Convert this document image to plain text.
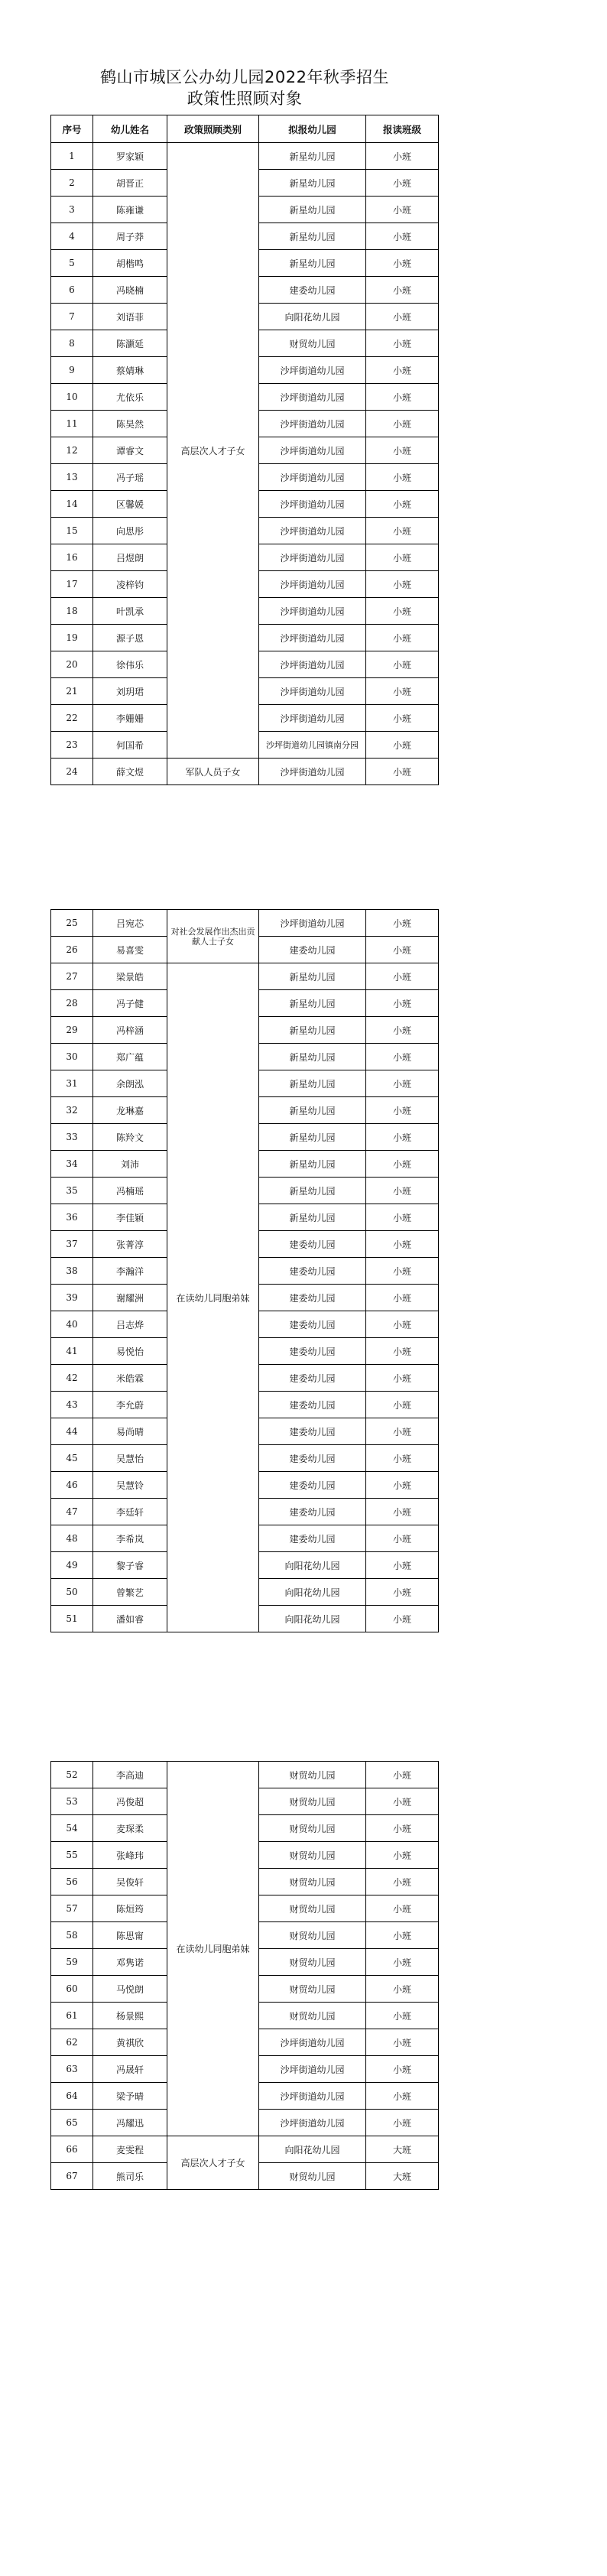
鹤山市城区公办幼儿园2022年秋季招生
政策性照顾对象
序号	幼儿姓名	政策照顾类别	拟报幼儿园	报读班级
1	罗家颖	高层次人才子女	新星幼儿园	小班
2	胡晋正		新星幼儿园	小班
3	陈雍谦		新星幼儿园	小班
4	周子莽		新星幼儿园	小班
5	胡楷鸣		新星幼儿园	小班
6	冯晓楠		建委幼儿园	小班
7	刘语菲		向阳花幼儿园	小班
8	陈灏延		财贸幼儿园	小班
9	蔡婧琳		沙坪街道幼儿园	小班
10	尤依乐		沙坪街道幼儿园	小班
11	陈昊然		沙坪街道幼儿园	小班
12	谭睿文		沙坪街道幼儿园	小班
13	冯子瑶		沙坪街道幼儿园	小班
14	区馨媛		沙坪街道幼儿园	小班
15	向思彤		沙坪街道幼儿园	小班
16	吕煜朗		沙坪街道幼儿园	小班
17	凌梓钧		沙坪街道幼儿园	小班
18	叶凯承		沙坪街道幼儿园	小班
19	源子恩		沙坪街道幼儿园	小班
20	徐伟乐		沙坪街道幼儿园	小班
21	刘玥珺		沙坪街道幼儿园	小班
22	李姗姗		沙坪街道幼儿园	小班
23	何国希		沙坪街道幼儿园镇南分园	小班
24	薛文煜	军队人员子女	沙坪街道幼儿园	小班
25	吕宛芯	对社会发展作出杰出贡献人士子女	沙坪街道幼儿园	小班
26	易喜雯		建委幼儿园	小班
27	梁景皓	在读幼儿同胞弟妹	新星幼儿园	小班
28	冯子健		新星幼儿园	小班
29	冯梓涵		新星幼儿园	小班
30	郑广蕴		新星幼儿园	小班
31	余朗泓		新星幼儿园	小班
32	龙琳嘉		新星幼儿园	小班
33	陈羚文		新星幼儿园	小班
34	刘沛		新星幼儿园	小班
35	冯楠瑶		新星幼儿园	小班
36	李佳颖		新星幼儿园	小班
37	张菁淳		建委幼儿园	小班
38	李瀚洋		建委幼儿园	小班
39	谢耀洲		建委幼儿园	小班
40	吕志烨		建委幼儿园	小班
41	易悦怡		建委幼儿园	小班
42	米皓霖		建委幼儿园	小班
43	李允蔚		建委幼儿园	小班
44	易尚晴		建委幼儿园	小班
45	吴慧怡		建委幼儿园	小班
46	吴慧铃		建委幼儿园	小班
47	李廷轩		建委幼儿园	小班
48	李希岚		建委幼儿园	小班
49	黎子睿		向阳花幼儿园	小班
50	曾繁艺		向阳花幼儿园	小班
51	潘如睿		向阳花幼儿园	小班
52	李高迪	在读幼儿同胞弟妹	财贸幼儿园	小班
53	冯俊超		财贸幼儿园	小班
54	麦琛柔		财贸幼儿园	小班
55	张峰玮		财贸幼儿园	小班
56	吴俊轩		财贸幼儿园	小班
57	陈烜筠		财贸幼儿园	小班
58	陈思甯		财贸幼儿园	小班
59	邓隽诺		财贸幼儿园	小班
60	马悦朗		财贸幼儿园	小班
61	杨景熙		财贸幼儿园	小班
62	黄祺欣		沙坪街道幼儿园	小班
63	冯晟轩		沙坪街道幼儿园	小班
64	梁予晴		沙坪街道幼儿园	小班
65	冯耀迅		沙坪街道幼儿园	小班
66	麦雯程	高层次人才子女	向阳花幼儿园	大班
67	熊司乐		财贸幼儿园	大班
